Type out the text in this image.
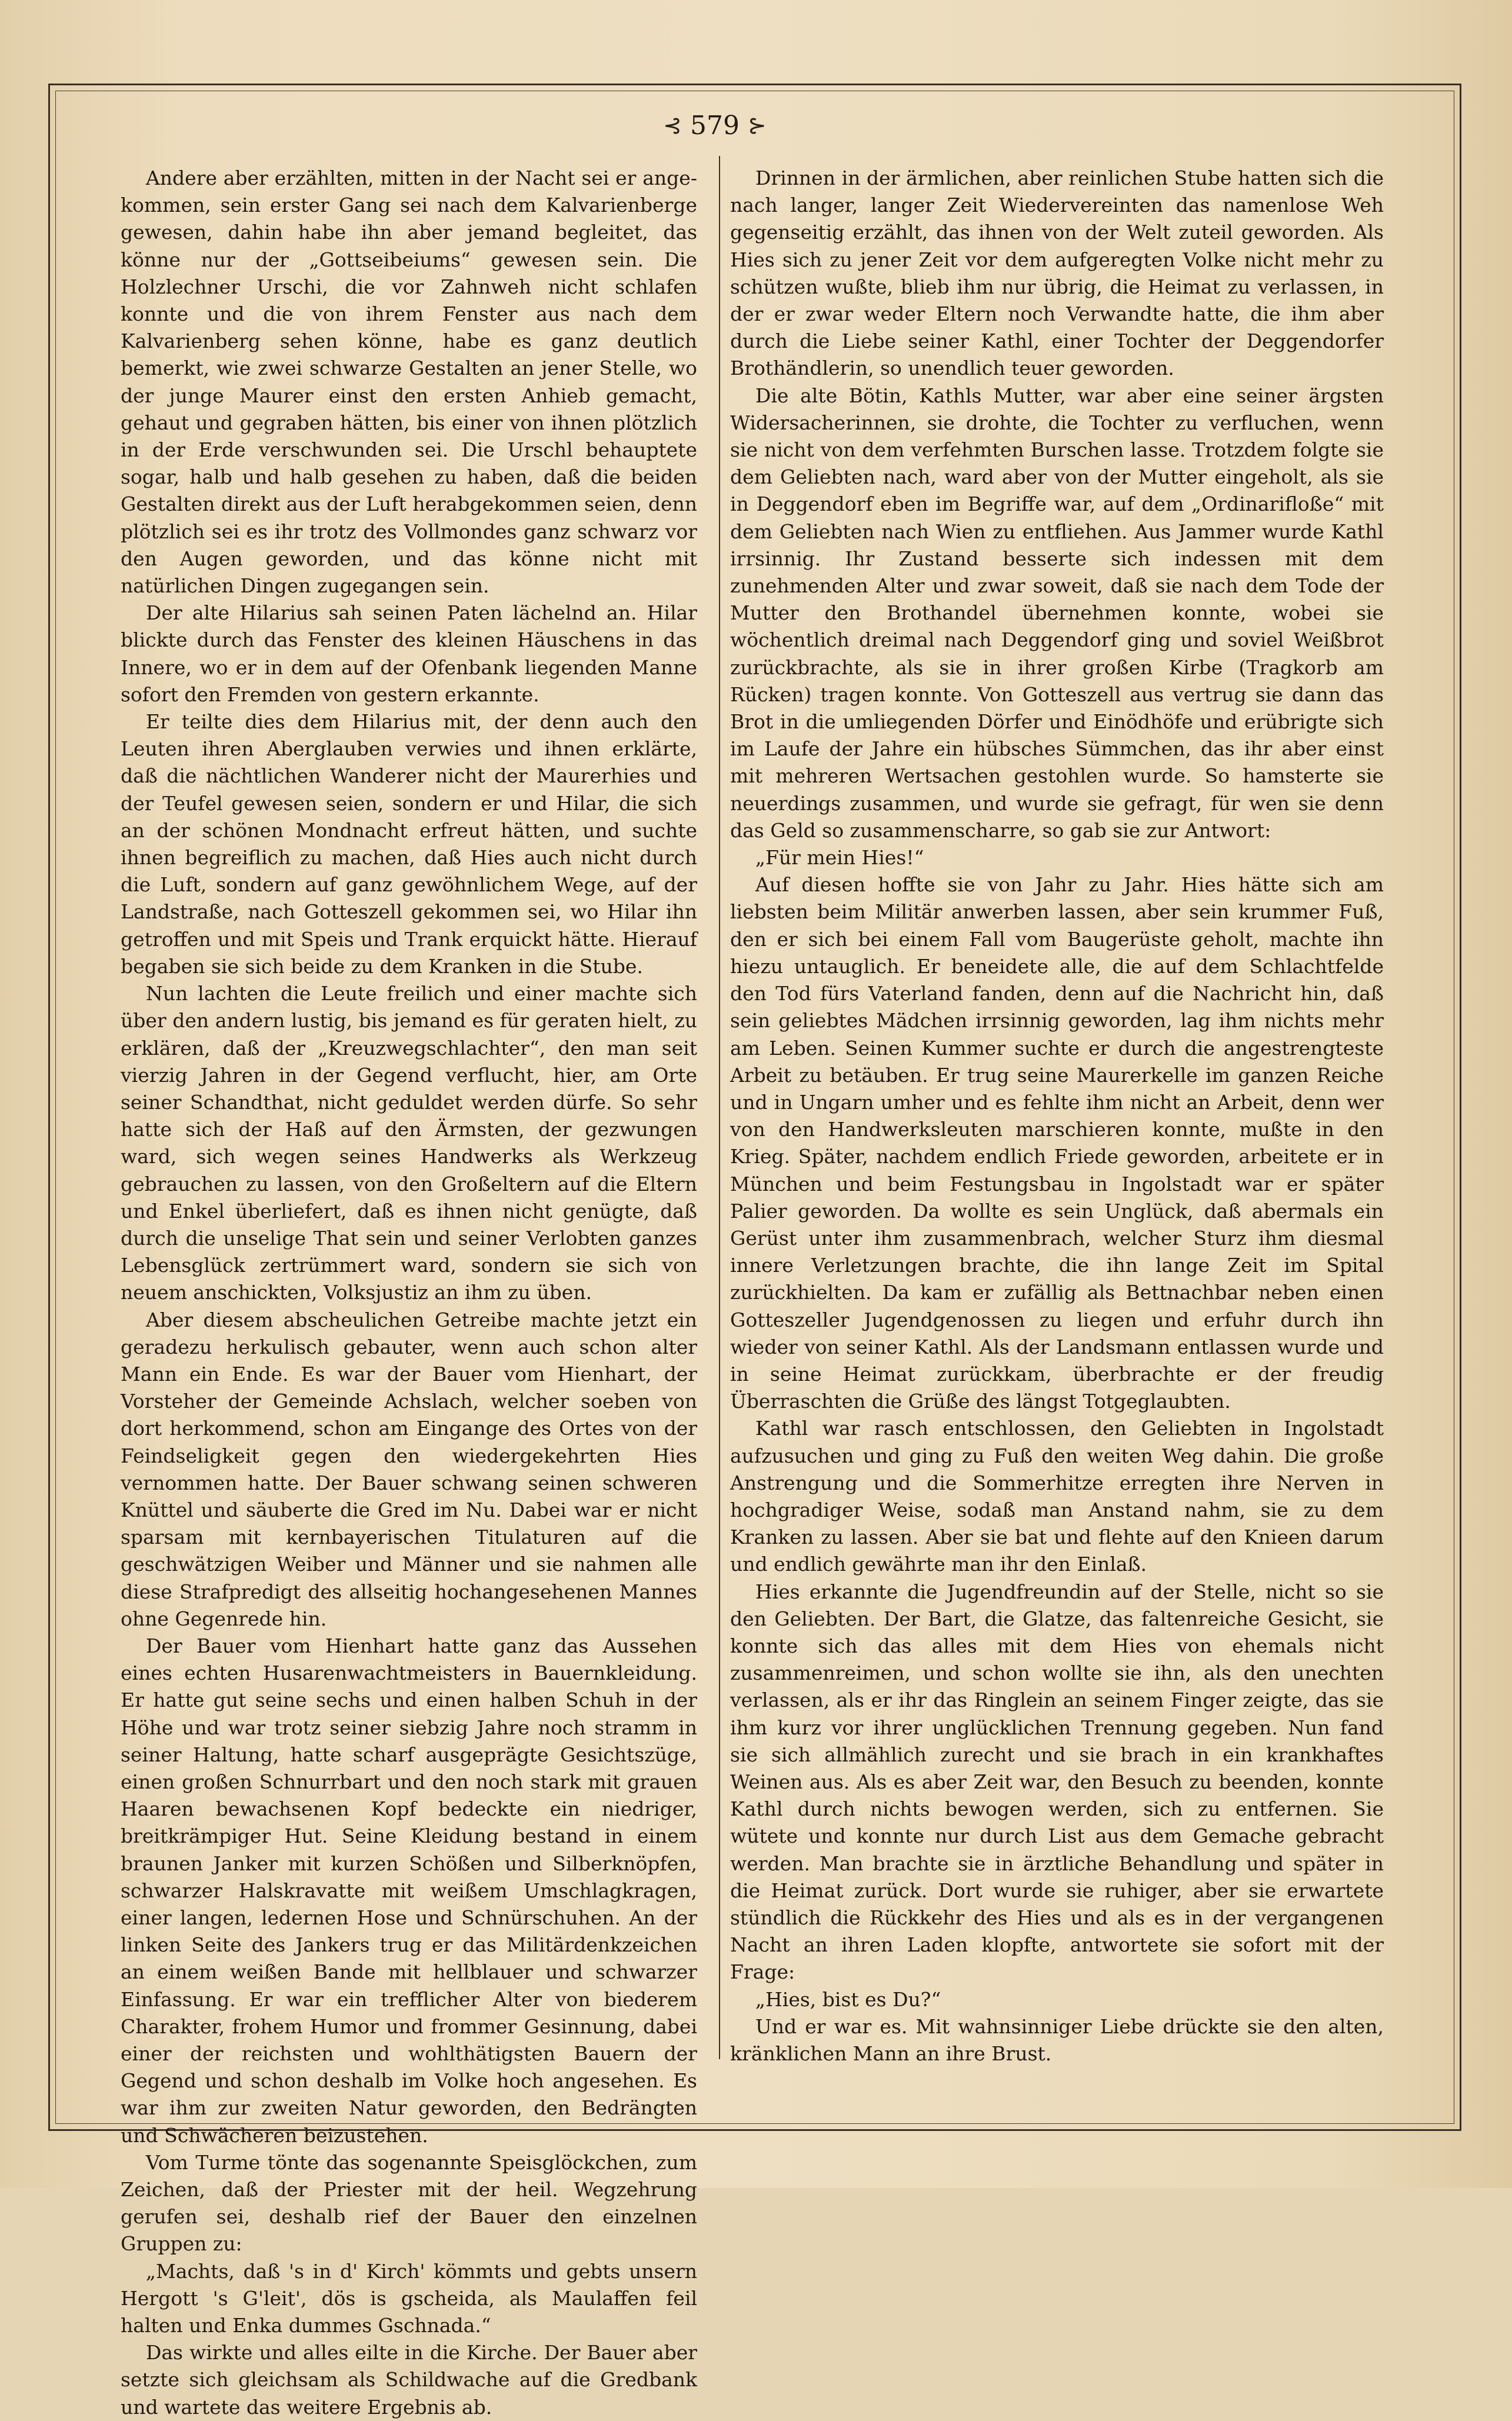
⊰ 579 ⊱

Andere aber erzählten, mitten in der Nacht sei er angekommen, sein erster Gang sei nach dem Kalvarienberge gewesen, dahin habe ihn aber jemand begleitet, das könne nur der „Gottseibeiums“ gewesen sein. Die Holzlechner Urschi, die vor Zahnweh nicht schlafen konnte und die von ihrem Fenster aus nach dem Kalvarienberg sehen könne, habe es ganz deutlich bemerkt, wie zwei schwarze Gestalten an jener Stelle, wo der junge Maurer einst den ersten Anhieb gemacht, gehaut und gegraben hätten, bis einer von ihnen plötzlich in der Erde verschwunden sei. Die Urschl behauptete sogar, halb und halb gesehen zu haben, daß die beiden Gestalten direkt aus der Luft herabgekommen seien, denn plötzlich sei es ihr trotz des Vollmondes ganz schwarz vor den Augen geworden, und das könne nicht mit natürlichen Dingen zugegangen sein.

Der alte Hilarius sah seinen Paten lächelnd an. Hilar blickte durch das Fenster des kleinen Häuschens in das Innere, wo er in dem auf der Ofenbank liegenden Manne sofort den Fremden von gestern erkannte.

Er teilte dies dem Hilarius mit, der denn auch den Leuten ihren Aberglauben verwies und ihnen erklärte, daß die nächtlichen Wanderer nicht der Maurerhies und der Teufel gewesen seien, sondern er und Hilar, die sich an der schönen Mondnacht erfreut hätten, und suchte ihnen begreiflich zu machen, daß Hies auch nicht durch die Luft, sondern auf ganz gewöhnlichem Wege, auf der Landstraße, nach Gotteszell gekommen sei, wo Hilar ihn getroffen und mit Speis und Trank erquickt hätte. Hierauf begaben sie sich beide zu dem Kranken in die Stube.

Nun lachten die Leute freilich und einer machte sich über den andern lustig, bis jemand es für geraten hielt, zu erklären, daß der „Kreuzwegschlachter“, den man seit vierzig Jahren in der Gegend verflucht, hier, am Orte seiner Schandthat, nicht geduldet werden dürfe. So sehr hatte sich der Haß auf den Ärmsten, der gezwungen ward, sich wegen seines Handwerks als Werkzeug gebrauchen zu lassen, von den Großeltern auf die Eltern und Enkel überliefert, daß es ihnen nicht genügte, daß durch die unselige That sein und seiner Verlobten ganzes Lebensglück zertrümmert ward, sondern sie sich von neuem anschickten, Volksjustiz an ihm zu üben.

Aber diesem abscheulichen Getreibe machte jetzt ein geradezu herkulisch gebauter, wenn auch schon alter Mann ein Ende. Es war der Bauer vom Hienhart, der Vorsteher der Gemeinde Achslach, welcher soeben von dort herkommend, schon am Eingange des Ortes von der Feindseligkeit gegen den wiedergekehrten Hies vernommen hatte. Der Bauer schwang seinen schweren Knüttel und säuberte die Gred im Nu. Dabei war er nicht sparsam mit kernbayerischen Titulaturen auf die geschwätzigen Weiber und Männer und sie nahmen alle diese Strafpredigt des allseitig hochangesehenen Mannes ohne Gegenrede hin.

Der Bauer vom Hienhart hatte ganz das Aussehen eines echten Husarenwachtmeisters in Bauernkleidung. Er hatte gut seine sechs und einen halben Schuh in der Höhe und war trotz seiner siebzig Jahre noch stramm in seiner Haltung, hatte scharf ausgeprägte Gesichtszüge, einen großen Schnurrbart und den noch stark mit grauen Haaren bewachsenen Kopf bedeckte ein niedriger, breitkrämpiger Hut. Seine Kleidung bestand in einem braunen Janker mit kurzen Schößen und Silberknöpfen, schwarzer Halskravatte mit weißem Umschlagkragen, einer langen, ledernen Hose und Schnürschuhen. An der linken Seite des Jankers trug er das Militärdenkzeichen an einem weißen Bande mit hellblauer und schwarzer Einfassung. Er war ein trefflicher Alter von biederem Charakter, frohem Humor und frommer Gesinnung, dabei einer der reichsten und wohlthätigsten Bauern der Gegend und schon deshalb im Volke hoch angesehen. Es war ihm zur zweiten Natur geworden, den Bedrängten und Schwächeren beizustehen.

Vom Turme tönte das sogenannte Speisglöckchen, zum Zeichen, daß der Priester mit der heil. Wegzehrung gerufen sei, deshalb rief der Bauer den einzelnen Gruppen zu:

„Machts, daß 's in d' Kirch' kömmts und gebts unsern Hergott 's G'leit', dös is gscheida, als Maulaffen feil halten und Enka dummes Gschnada.“

Das wirkte und alles eilte in die Kirche. Der Bauer aber setzte sich gleichsam als Schildwache auf die Gredbank und wartete das weitere Ergebnis ab.

Drinnen in der ärmlichen, aber reinlichen Stube hatten sich die nach langer, langer Zeit Wiedervereinten das namenlose Weh gegenseitig erzählt, das ihnen von der Welt zuteil geworden. Als Hies sich zu jener Zeit vor dem aufgeregten Volke nicht mehr zu schützen wußte, blieb ihm nur übrig, die Heimat zu verlassen, in der er zwar weder Eltern noch Verwandte hatte, die ihm aber durch die Liebe seiner Kathl, einer Tochter der Deggendorfer Brothändlerin, so unendlich teuer geworden.

Die alte Bötin, Kathls Mutter, war aber eine seiner ärgsten Widersacherinnen, sie drohte, die Tochter zu verfluchen, wenn sie nicht von dem verfehmten Burschen lasse. Trotzdem folgte sie dem Geliebten nach, ward aber von der Mutter eingeholt, als sie in Deggendorf eben im Begriffe war, auf dem „Ordinarifloße“ mit dem Geliebten nach Wien zu entfliehen. Aus Jammer wurde Kathl irrsinnig. Ihr Zustand besserte sich indessen mit dem zunehmenden Alter und zwar soweit, daß sie nach dem Tode der Mutter den Brothandel übernehmen konnte, wobei sie wöchentlich dreimal nach Deggendorf ging und soviel Weißbrot zurückbrachte, als sie in ihrer großen Kirbe (Tragkorb am Rücken) tragen konnte. Von Gotteszell aus vertrug sie dann das Brot in die umliegenden Dörfer und Einödhöfe und erübrigte sich im Laufe der Jahre ein hübsches Sümmchen, das ihr aber einst mit mehreren Wertsachen gestohlen wurde. So hamsterte sie neuerdings zusammen, und wurde sie gefragt, für wen sie denn das Geld so zusammenscharre, so gab sie zur Antwort:

„Für mein Hies!“

Auf diesen hoffte sie von Jahr zu Jahr. Hies hätte sich am liebsten beim Militär anwerben lassen, aber sein krummer Fuß, den er sich bei einem Fall vom Baugerüste geholt, machte ihn hiezu untauglich. Er beneidete alle, die auf dem Schlachtfelde den Tod fürs Vaterland fanden, denn auf die Nachricht hin, daß sein geliebtes Mädchen irrsinnig geworden, lag ihm nichts mehr am Leben. Seinen Kummer suchte er durch die angestrengteste Arbeit zu betäuben. Er trug seine Maurerkelle im ganzen Reiche und in Ungarn umher und es fehlte ihm nicht an Arbeit, denn wer von den Handwerksleuten marschieren konnte, mußte in den Krieg. Später, nachdem endlich Friede geworden, arbeitete er in München und beim Festungsbau in Ingolstadt war er später Palier geworden. Da wollte es sein Unglück, daß abermals ein Gerüst unter ihm zusammenbrach, welcher Sturz ihm diesmal innere Verletzungen brachte, die ihn lange Zeit im Spital zurückhielten. Da kam er zufällig als Bettnachbar neben einen Gotteszeller Jugendgenossen zu liegen und erfuhr durch ihn wieder von seiner Kathl. Als der Landsmann entlassen wurde und in seine Heimat zurückkam, überbrachte er der freudig Überraschten die Grüße des längst Totgeglaubten.

Kathl war rasch entschlossen, den Geliebten in Ingolstadt aufzusuchen und ging zu Fuß den weiten Weg dahin. Die große Anstrengung und die Sommerhitze erregten ihre Nerven in hochgradiger Weise, sodaß man Anstand nahm, sie zu dem Kranken zu lassen. Aber sie bat und flehte auf den Knieen darum und endlich gewährte man ihr den Einlaß.

Hies erkannte die Jugendfreundin auf der Stelle, nicht so sie den Geliebten. Der Bart, die Glatze, das faltenreiche Gesicht, sie konnte sich das alles mit dem Hies von ehemals nicht zusammenreimen, und schon wollte sie ihn, als den unechten verlassen, als er ihr das Ringlein an seinem Finger zeigte, das sie ihm kurz vor ihrer unglücklichen Trennung gegeben. Nun fand sie sich allmählich zurecht und sie brach in ein krankhaftes Weinen aus. Als es aber Zeit war, den Besuch zu beenden, konnte Kathl durch nichts bewogen werden, sich zu entfernen. Sie wütete und konnte nur durch List aus dem Gemache gebracht werden. Man brachte sie in ärztliche Behandlung und später in die Heimat zurück. Dort wurde sie ruhiger, aber sie erwartete stündlich die Rückkehr des Hies und als es in der vergangenen Nacht an ihren Laden klopfte, antwortete sie sofort mit der Frage:

„Hies, bist es Du?“

Und er war es. Mit wahnsinniger Liebe drückte sie den alten, kränklichen Mann an ihre Brust.
